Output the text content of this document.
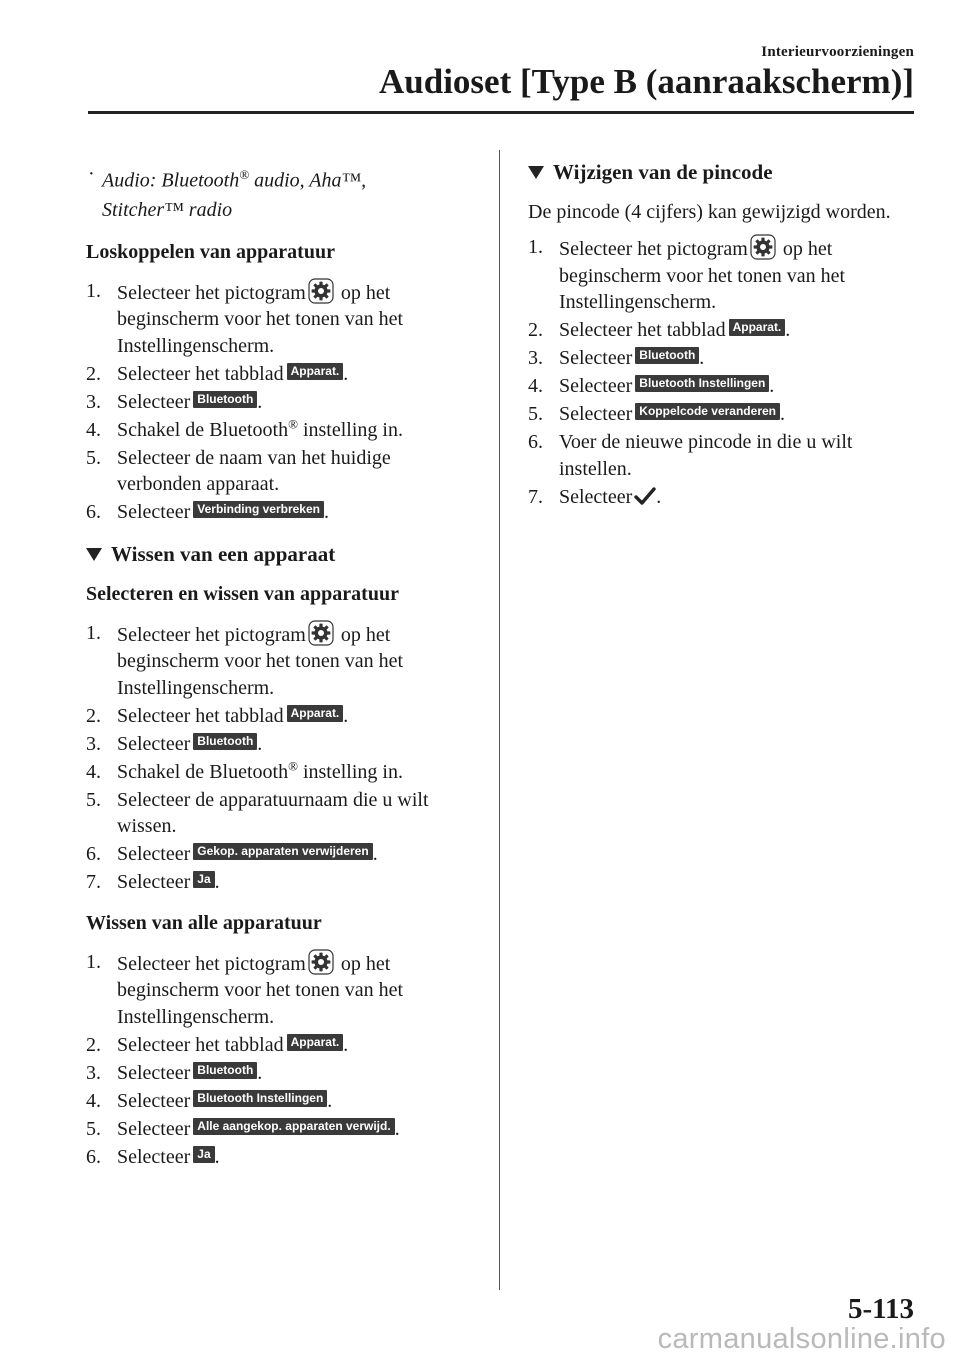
Interieurvoorzieningen
Audioset [Type B (aanraakscherm)]
· Audio: Bluetooth® audio, Aha™,
Stitcher™ radio
Loskoppelen van apparatuur
1. Selecteer het pictogram op het beginscherm voor het tonen van het Instellingenscherm.
2. Selecteer het tabblad Apparat. .
3. Selecteer Bluetooth .
4. Schakel de Bluetooth® instelling in.
5. Selecteer de naam van het huidige verbonden apparaat.
6. Selecteer Verbinding verbreken .
Wissen van een apparaat
Selecteren en wissen van apparatuur
1. Selecteer het pictogram op het beginscherm voor het tonen van het Instellingenscherm.
2. Selecteer het tabblad Apparat. .
3. Selecteer Bluetooth .
4. Schakel de Bluetooth® instelling in.
5. Selecteer de apparatuurnaam die u wilt wissen.
6. Selecteer Gekop. apparaten verwijderen .
7. Selecteer Ja .
Wissen van alle apparatuur
1. Selecteer het pictogram op het beginscherm voor het tonen van het Instellingenscherm.
2. Selecteer het tabblad Apparat. .
3. Selecteer Bluetooth .
4. Selecteer Bluetooth Instellingen .
5. Selecteer Alle aangekop. apparaten verwijd. .
6. Selecteer Ja .
Wijzigen van de pincode

De pincode (4 cijfers) kan gewijzigd worden.

1. Selecteer het pictogram op het beginscherm voor het tonen van het Instellingenscherm.
2. Selecteer het tabblad Apparat. .
3. Selecteer Bluetooth .
4. Selecteer Bluetooth Instellingen .
5. Selecteer Koppelcode veranderen .
6. Voer de nieuwe pincode in die u wilt instellen.
7. Selecteer .
5-113
carmanualsonline.info
